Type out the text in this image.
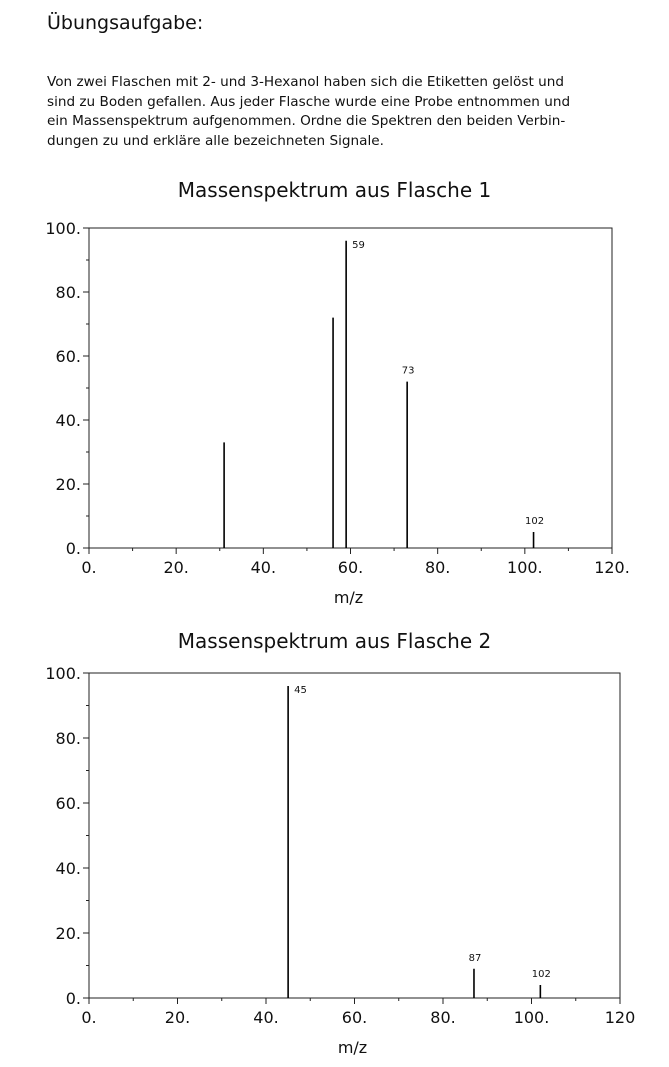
Übungsaufgabe:

Von zwei Flaschen mit 2- und 3-Hexanol haben sich die Etiketten gelöst und

sind zu Boden gefallen. Aus jeder Flasche wurde eine Probe entnommen und

ein Massenspektrum aufgenommen. Ordne die Spektren den beiden Verbin-

dungen zu und erkläre alle bezeichneten Signale.

Massenspektrum aus Flasche 1
0.
20.
40.
60.
80.
100.
0.	20.	40.	60.	80.	100.	120.
m/z
59
73
102
Massenspektrum aus Flasche 2
0.
20.
40.
60.
80.
100.
0.	20.	40.	60.	80.	100.	120
m/z
45
87
102
